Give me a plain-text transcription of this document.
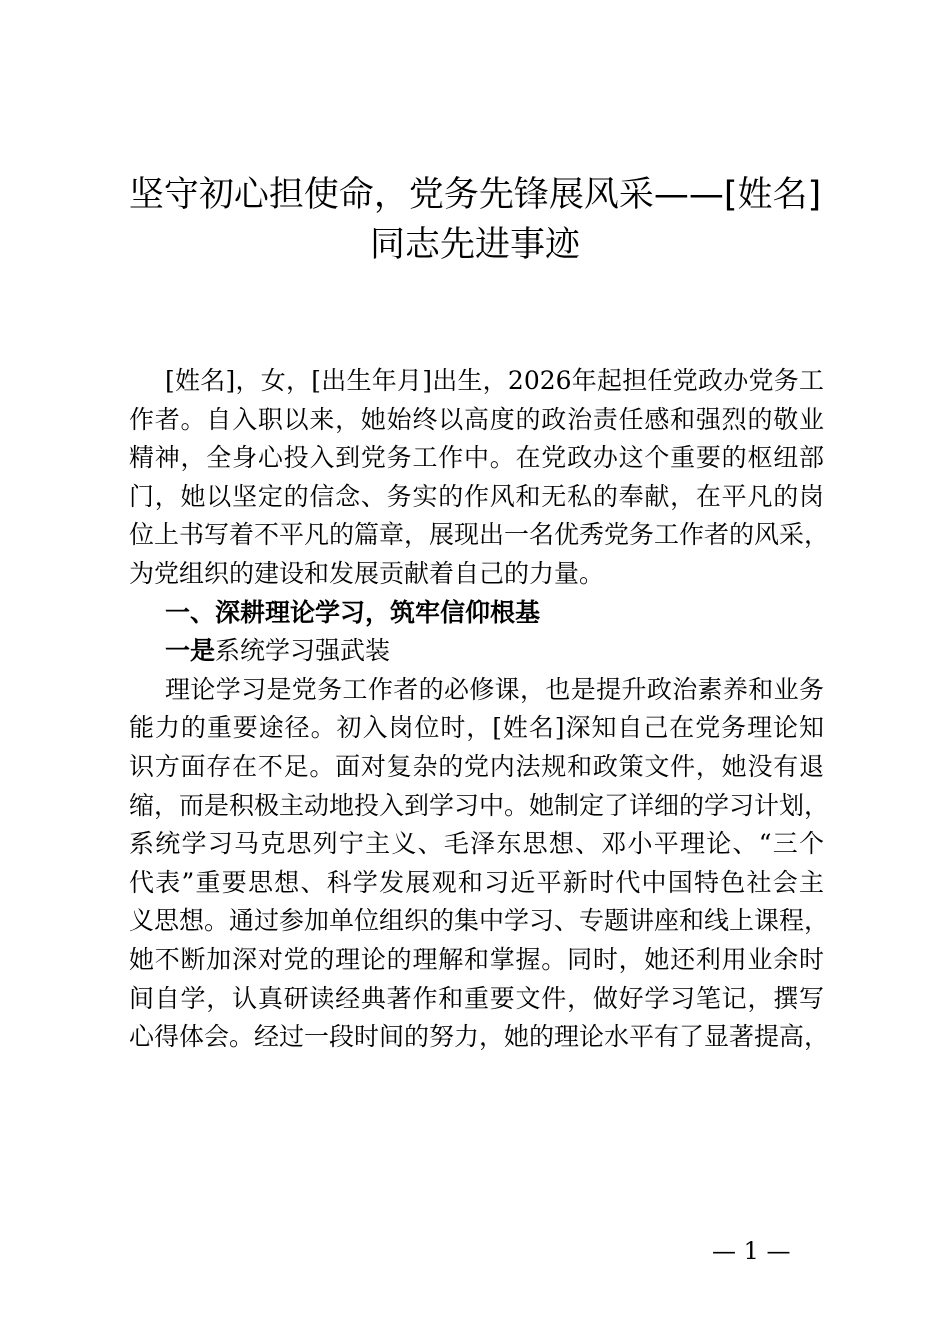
坚守初心担使命，党务先锋展风采——[姓名]
同志先进事迹
[姓名]，女，[出生年月]出生，2026年起担任党政办党务工
作者。自入职以来，她始终以高度的政治责任感和强烈的敬业
精神，全身心投入到党务工作中。在党政办这个重要的枢纽部
门，她以坚定的信念、务实的作风和无私的奉献，在平凡的岗
位上书写着不平凡的篇章，展现出一名优秀党务工作者的风采，
为党组织的建设和发展贡献着自己的力量。
一、深耕理论学习，筑牢信仰根基
一是系统学习强武装
理论学习是党务工作者的必修课，也是提升政治素养和业务
能力的重要途径。初入岗位时，[姓名]深知自己在党务理论知
识方面存在不足。面对复杂的党内法规和政策文件，她没有退
缩，而是积极主动地投入到学习中。她制定了详细的学习计划，
系统学习马克思列宁主义、毛泽东思想、邓小平理论、“三个
代表”重要思想、科学发展观和习近平新时代中国特色社会主
义思想。通过参加单位组织的集中学习、专题讲座和线上课程，
她不断加深对党的理论的理解和掌握。同时，她还利用业余时
间自学，认真研读经典著作和重要文件，做好学习笔记，撰写
心得体会。经过一段时间的努力，她的理论水平有了显著提高，
— 1 —
